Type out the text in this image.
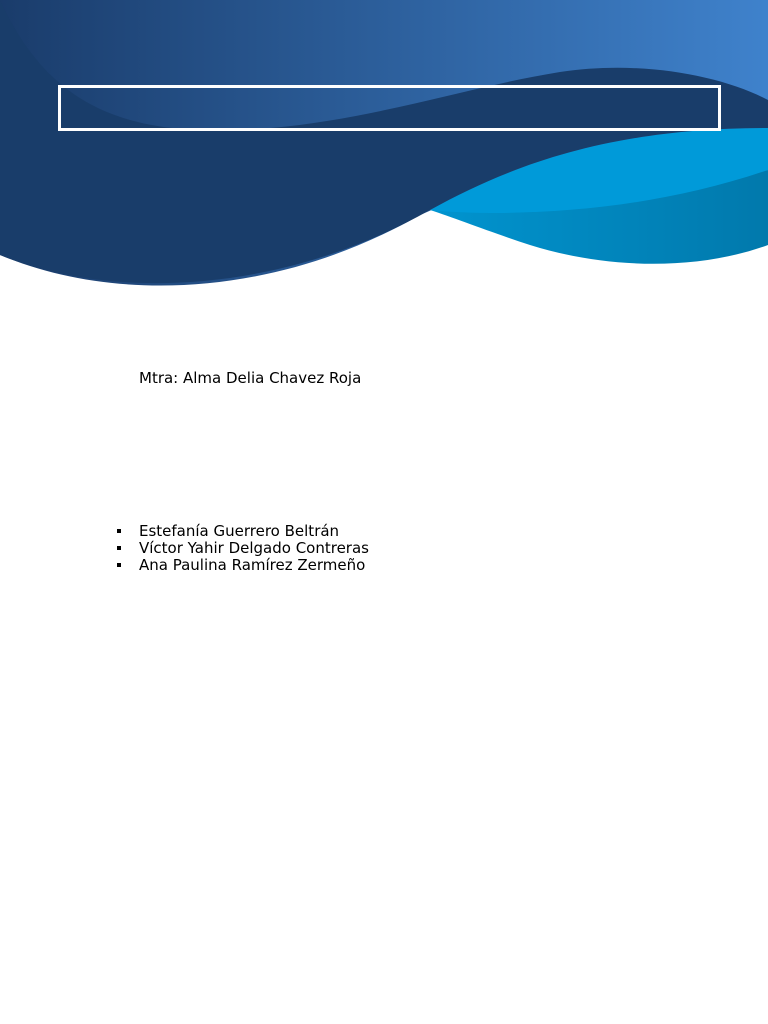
Mtra: Alma Delia Chavez Roja
Estefanía Guerrero Beltrán
Víctor Yahir Delgado Contreras
Ana Paulina Ramírez Zermeño
